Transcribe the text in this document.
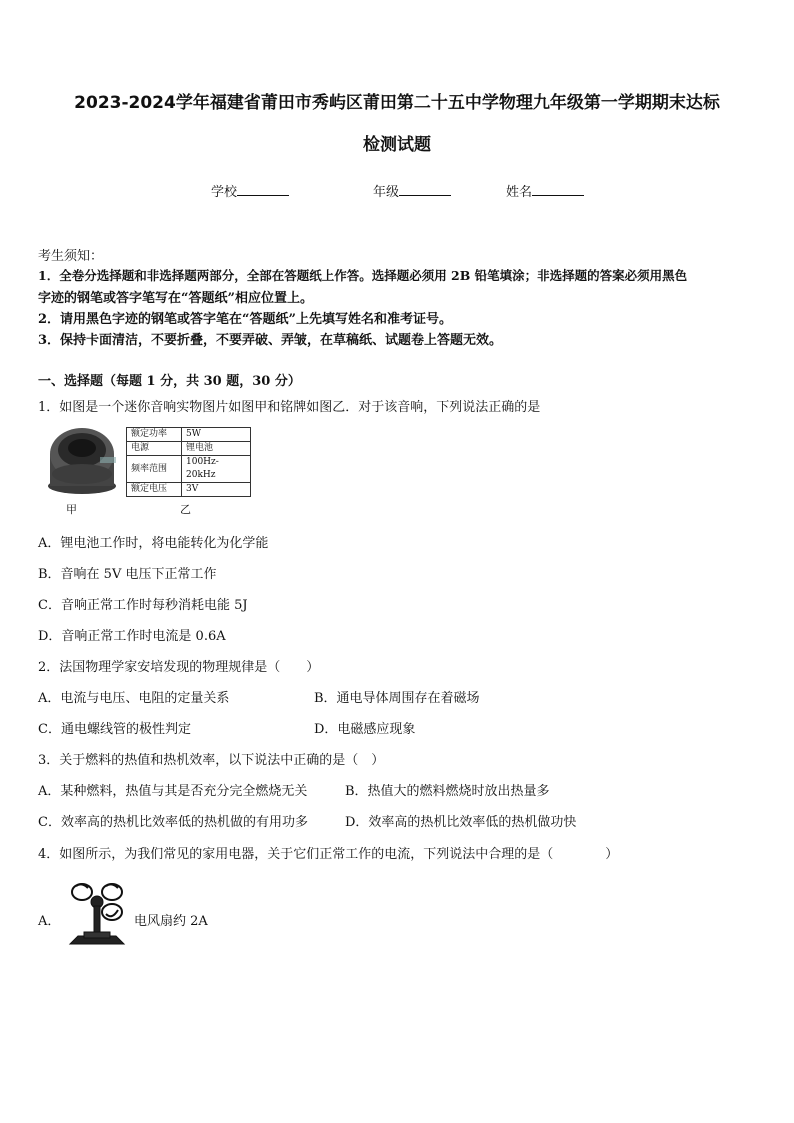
2023-2024学年福建省莆田市秀屿区莆田第二十五中学物理九年级第一学期期末达标
检测试题
学校	年级	姓名
考生须知：
1．全卷分选择题和非选择题两部分，全部在答题纸上作答。选择题必须用 2B 铅笔填涂；非选择题的答案必须用黑色
字迹的钢笔或答字笔写在“答题纸”相应位置上。
2．请用黑色字迹的钢笔或答字笔在“答题纸”上先填写姓名和准考证号。
3．保持卡面清洁，不要折叠，不要弄破、弄皱，在草稿纸、试题卷上答题无效。
一、选择题（每题 1 分，共 30 题，30 分）
1．如图是一个迷你音响实物图片如图甲和铭牌如图乙．对于该音响，下列说法正确的是
额定功率	5W
电源	锂电池
频率范围	100Hz-20kHz
额定电压	3V
甲	乙
A．锂电池工作时，将电能转化为化学能
B．音响在 5V 电压下正常工作
C．音响正常工作时每秒消耗电能 5J
D．音响正常工作时电流是 0.6A
2．法国物理学家安培发现的物理规律是（　　）
A．电流与电压、电阻的定量关系	B．通电导体周围存在着磁场
C．通电螺线管的极性判定	D．电磁感应现象
3．关于燃料的热值和热机效率，以下说法中正确的是（　）
A．某种燃料，热值与其是否充分完全燃烧无关	B．热值大的燃料燃烧时放出热量多
C．效率高的热机比效率低的热机做的有用功多	D．效率高的热机比效率低的热机做功快
4．如图所示，为我们常见的家用电器，关于它们正常工作的电流，下列说法中合理的是（　　　　）
A．	电风扇约 2A
